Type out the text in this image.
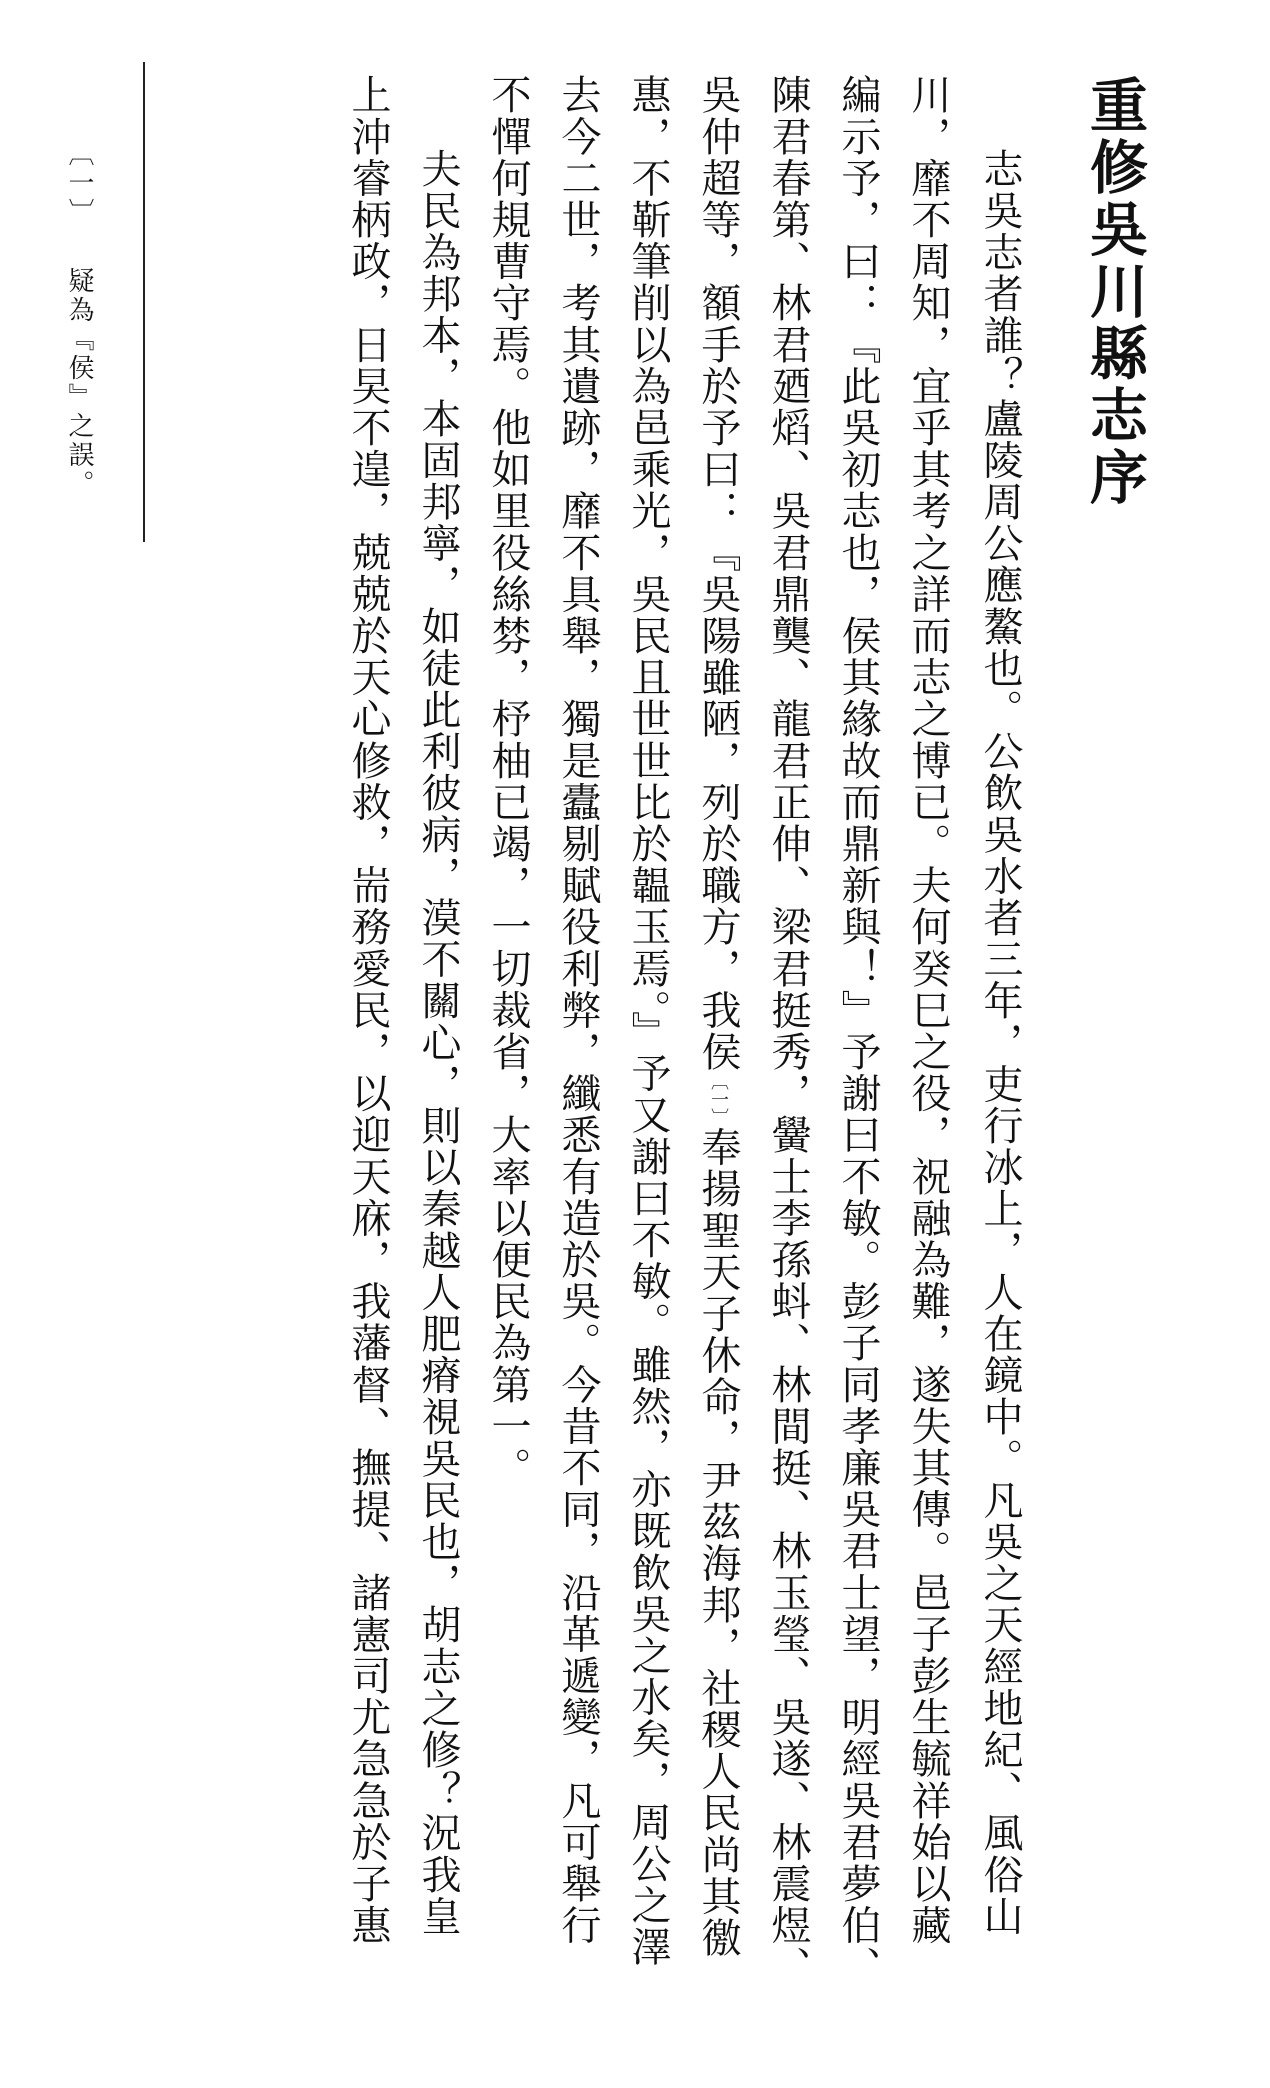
重修吳川縣志序
志吳志者誰？盧陵周公應鰲也。公飲吳水者三年，吏行冰上，人在鏡中。凡吳之天經地紀、風俗山
川，靡不周知，宜乎其考之詳而志之博已。夫何癸巳之役，祝融為難，遂失其傳。邑子彭生毓祥始以藏
編示予，曰：『此吳初志也，侯其緣故而鼎新與！』予謝曰不敏。彭子同孝廉吳君士望，明經吳君夢伯、
陳君春第、林君廼熖、吳君鼎龑、龍君正伸、梁君挺秀，黌士李孫蚪、林間挺、林玉瑩、吳遂、林震煜、
吳仲超等，額手於予曰：『吳陽雖陋，列於職方，我侯〔一〕奉揚聖天子休命，尹茲海邦，社稷人民尚其徼
惠，不靳筆削以為邑乘光，吳民且世世比於韞玉焉。』予又謝曰不敏。雖然，亦既飲吳之水矣，周公之澤
去今二世，考其遺跡，靡不具舉，獨是蠹剔賦役利弊，纖悉有造於吳。今昔不同，沿革遞變，凡可舉行
不憚何規曹守焉。他如里役絲棼，杼柚已竭，一切裁省，大率以便民為第一。
夫民為邦本，本固邦寧，如徒此利彼病，漠不關心，則以秦越人肥瘠視吳民也，胡志之修？況我皇
上沖睿柄政，日旲不遑，兢兢於天心修救，耑務愛民，以迎天庥，我藩督、撫提、諸憲司尤急急於子惠
〔一〕疑為『侯』之誤。
